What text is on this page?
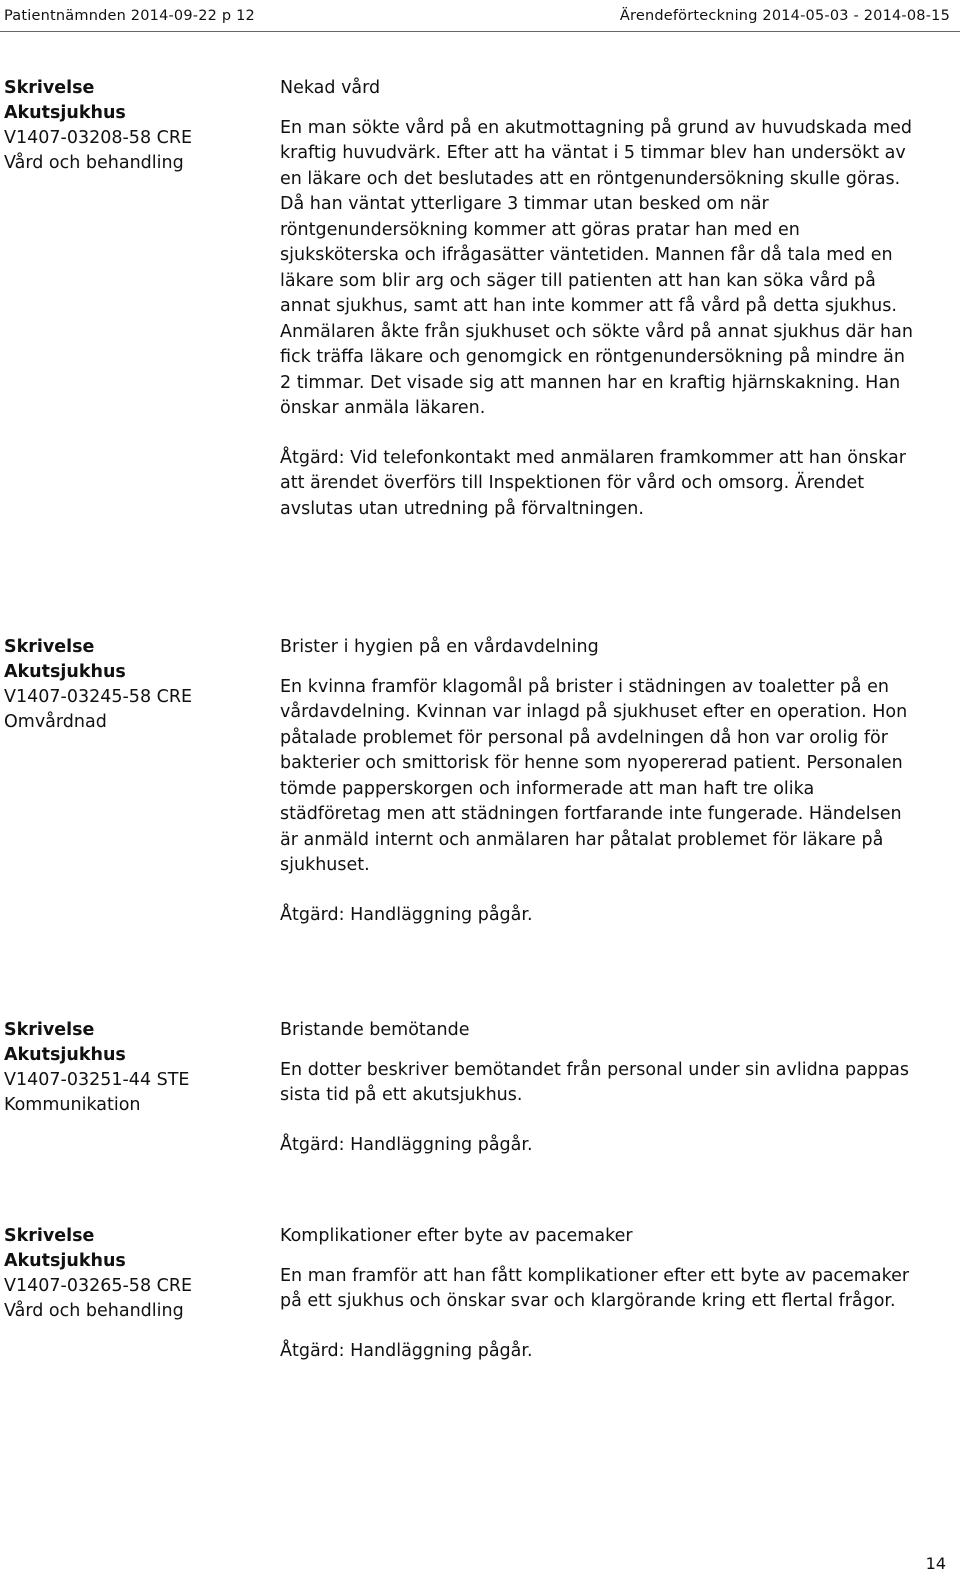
Patientnämnden 2014-09-22 p 12	Ärendeförteckning 2014-05-03 - 2014-08-15
Skrivelse
Akutsjukhus
V1407-03208-58 CRE
Vård och behandling

Nekad vård

En man sökte vård på en akutmottagning på grund av huvudskada med kraftig huvudvärk. Efter att ha väntat i 5 timmar blev han undersökt av en läkare och det beslutades att en röntgenundersökning skulle göras. Då han väntat ytterligare 3 timmar utan besked om när röntgenundersökning kommer att göras pratar han med en sjuksköterska och ifrågasätter väntetiden. Mannen får då tala med en läkare som blir arg och säger till patienten att han kan söka vård på annat sjukhus, samt att han inte kommer att få vård på detta sjukhus. Anmälaren åkte från sjukhuset och sökte vård på annat sjukhus där han fick träffa läkare och genomgick en röntgenundersökning på mindre än 2 timmar. Det visade sig att mannen har en kraftig hjärnskakning. Han önskar anmäla läkaren.

Åtgärd: Vid telefonkontakt med anmälaren framkommer att han önskar att ärendet överförs till Inspektionen för vård och omsorg. Ärendet avslutas utan utredning på förvaltningen.

Skrivelse
Akutsjukhus
V1407-03245-58 CRE
Omvårdnad

Brister i hygien på en vårdavdelning

En kvinna framför klagomål på brister i städningen av toaletter på en vårdavdelning. Kvinnan var inlagd på sjukhuset efter en operation. Hon påtalade problemet för personal på avdelningen då hon var orolig för bakterier och smittorisk för henne som nyopererad patient. Personalen tömde papperskorgen och informerade att man haft tre olika städföretag men att städningen fortfarande inte fungerade. Händelsen är anmäld internt och anmälaren har påtalat problemet för läkare på sjukhuset.

Åtgärd: Handläggning pågår.

Skrivelse
Akutsjukhus
V1407-03251-44 STE
Kommunikation

Bristande bemötande

En dotter beskriver bemötandet från personal under sin avlidna pappas sista tid på ett akutsjukhus.

Åtgärd: Handläggning pågår.

Skrivelse
Akutsjukhus
V1407-03265-58 CRE
Vård och behandling

Komplikationer efter byte av pacemaker

En man framför att han fått komplikationer efter ett byte av pacemaker på ett sjukhus och önskar svar och klargörande kring ett flertal frågor.

Åtgärd: Handläggning pågår.

14
